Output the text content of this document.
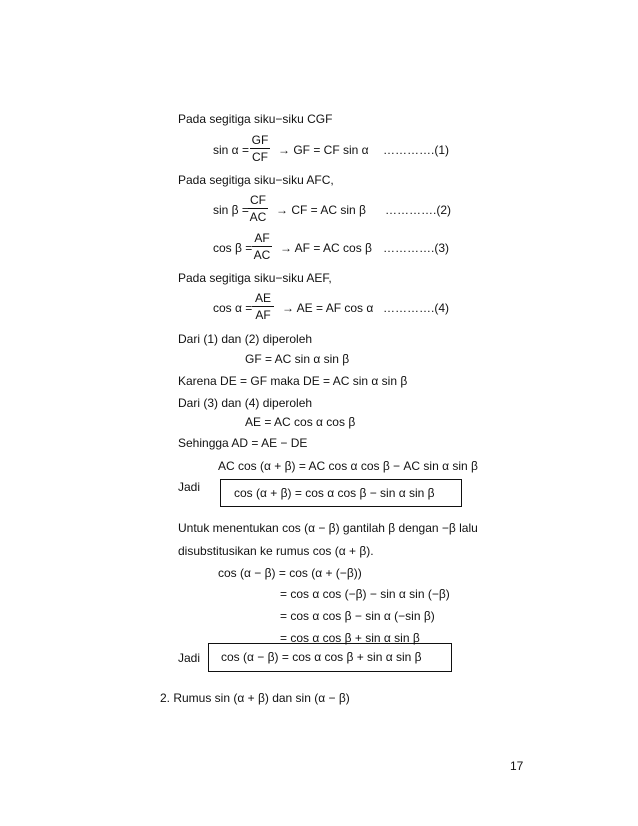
Pada segitiga siku−siku CGF
sin α =
GF
CF → GF = CF sin α ………….(1)
Pada segitiga siku−siku AFC,
sin β =
CF
AC → CF = AC sin β ………….(2)
cos β =
AF
AC → AF = AC cos β ………….(3)
Pada segitiga siku−siku AEF,
cos α =
AE
AF → AE = AF cos α ………….(4)
Dari (1) dan (2) diperoleh
GF = AC sin α sin β
Karena DE = GF maka DE = AC sin α sin β
Dari (3) dan (4) diperoleh
AE = AC cos α cos β
Sehingga AD = AE − DE
AC cos (α + β) = AC cos α cos β − AC sin α sin β
Jadi	cos (α + β) = cos α cos β − sin α sin β
Untuk menentukan cos (α − β) gantilah β dengan −β lalu
disubstitusikan ke rumus cos (α + β).
cos (α − β) = cos (α + (−β))
= cos α cos (−β) − sin α sin (−β)
= cos α cos β − sin α (−sin β)
= cos α cos β + sin α sin β
Jadi cos (α − β) = cos α cos β + sin α sin β
2. Rumus sin (α + β) dan sin (α − β)
17
